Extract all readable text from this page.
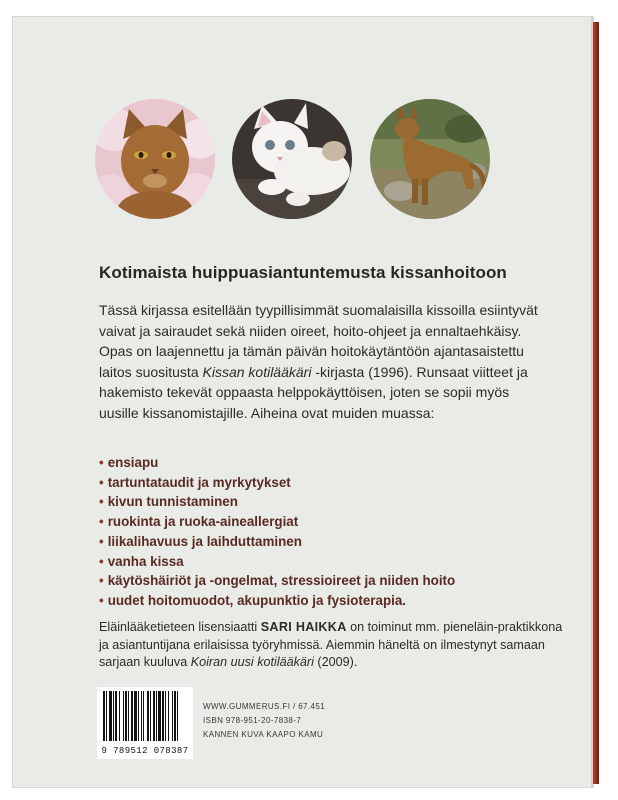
Kotimaista huippuasiantuntemusta kissanhoitoon

Tässä kirjassa esitellään tyypillisimmät suomalaisilla kissoilla esiintyvät vaivat ja sairaudet sekä niiden oireet, hoito-ohjeet ja ennaltaehkäisy. Opas on laajennettu ja tämän päivän hoitokäytäntöön ajantasaistettu laitos suositusta Kissan kotilääkäri -kirjasta (1996). Runsaat viitteet ja hakemisto tekevät oppaasta helppokäyttöisen, joten se sopii myös uusille kissanomistajille. Aiheina ovat muiden muassa:

• ensiapu
• tartuntataudit ja myrkytykset
• kivun tunnistaminen
• ruokinta ja ruoka-aineallergiat
• liikalihavuus ja laihduttaminen
• vanha kissa
• käytöshäiriöt ja -ongelmat, stressioireet ja niiden hoito
• uudet hoitomuodot, akupunktio ja fysioterapia.

Eläinlääketieteen lisensiaatti SARI HAIKKA on toiminut mm. pieneläin-praktikkona ja asiantuntijana erilaisissa työryhmissä. Aiemmin häneltä on ilmestynyt samaan sarjaan kuuluva Koiran uusi kotilääkäri (2009).

9 789512 078387
WWW.GUMMERUS.FI / 67.451
ISBN 978-951-20-7838-7
KANNEN KUVA KAAPO KAMU
